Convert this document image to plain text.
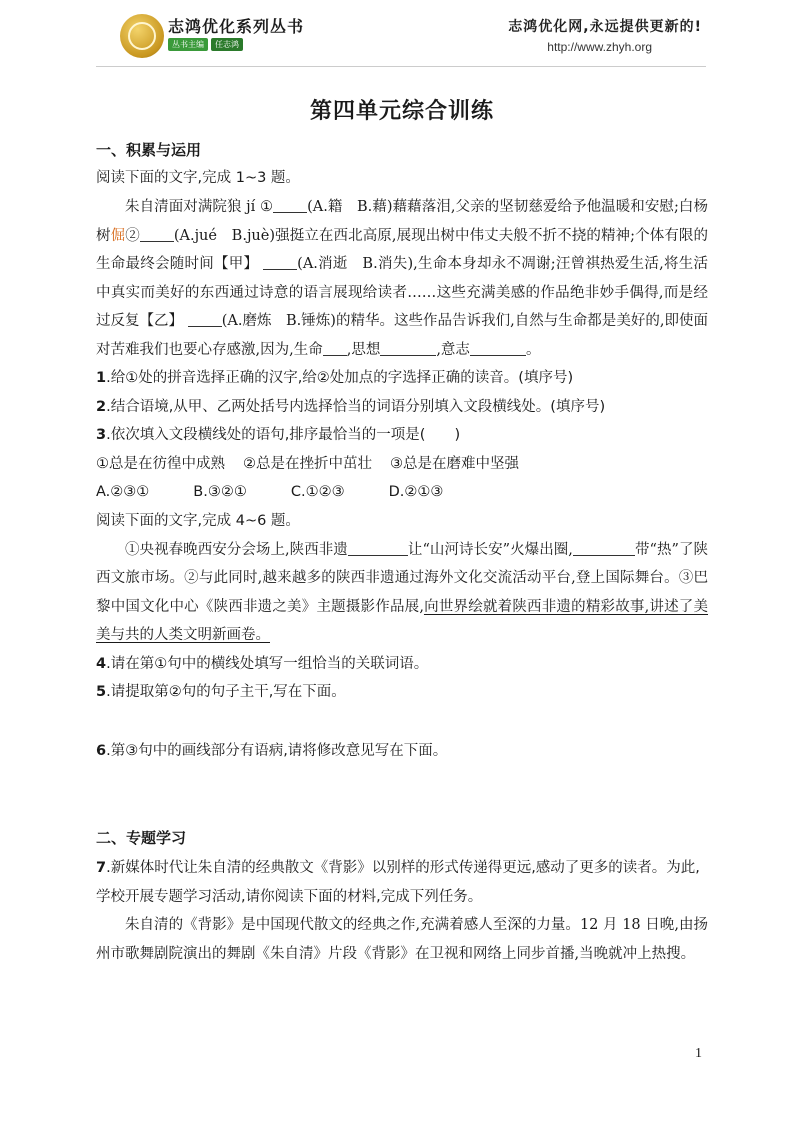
志鸿优化系列丛书
丛书主编	任志鸿
志鸿优化网,永远提供更新的!
http://www.zhyh.org
第四单元综合训练
一、积累与运用
阅读下面的文字,完成 1~3 题。

朱自清面对满院狼 jí ① (A.籍　B.藉)藉藉落泪,父亲的坚韧慈爱给予他温暖和安慰;白杨树倔② (A.jué　B.juè)强挺立在西北高原,展现出树中伟丈夫般不折不挠的精神;个体有限的生命最终会随时间【甲】	(A.消逝　B.消失),生命本身却永不凋谢;汪曾祺热爱生活,将生活中真实而美好的东西通过诗意的语言展现给读者……这些充满美感的作品绝非妙手偶得,而是经过反复【乙】	(A.磨炼　B.锤炼)的精华。这些作品告诉我们,自然与生命都是美好的,即使面对苦难我们也要心存感激,因为,生命 ,思想	,意志	。

1.给①处的拼音选择正确的汉字,给②处加点的字选择正确的读音。(填序号)

2.结合语境,从甲、乙两处括号内选择恰当的词语分别填入文段横线处。(填序号)

3.依次填入文段横线处的语句,排序最恰当的一项是(　　)

①总是在彷徨中成熟 ②总是在挫折中茁壮 ③总是在磨难中坚强
A.②③①	B.③②①	C.①②③	D.②①③
阅读下面的文字,完成 4~6 题。

①央视春晚西安分会场上,陕西非遗	让“山河诗长安”火爆出圈,	带“热”了陕西文旅市场。②与此同时,越来越多的陕西非遗通过海外文化交流活动平台,登上国际舞台。③巴黎中国文化中心《陕西非遗之美》主题摄影作品展,向世界绘就着陕西非遗的精彩故事,讲述了美美与共的人类文明新画卷。

4.请在第①句中的横线处填写一组恰当的关联词语。

5.请提取第②句的句子主干,写在下面。

6.第③句中的画线部分有语病,请将修改意见写在下面。

二、专题学习

7.新媒体时代让朱自清的经典散文《背影》以别样的形式传递得更远,感动了更多的读者。为此,学校开展专题学习活动,请你阅读下面的材料,完成下列任务。

朱自清的《背影》是中国现代散文的经典之作,充满着感人至深的力量。12 月 18 日晚,由扬州市歌舞剧院演出的舞剧《朱自清》片段《背影》在卫视和网络上同步首播,当晚就冲上热搜。

1
